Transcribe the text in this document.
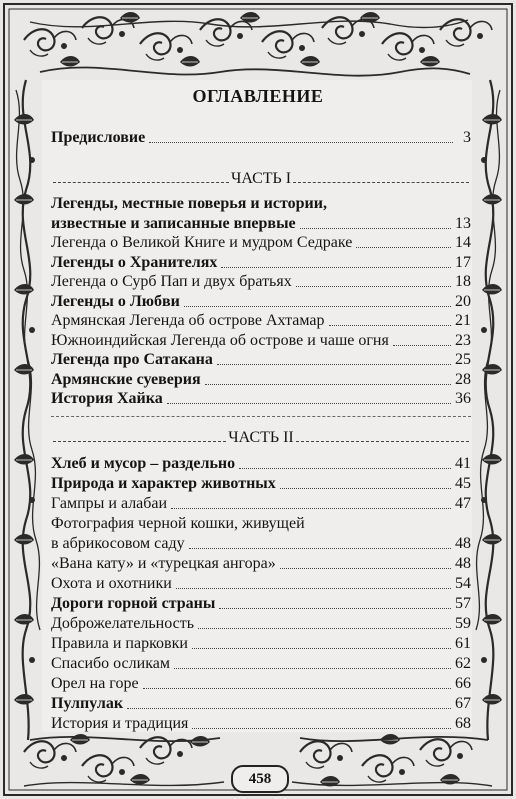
ОГЛАВЛЕНИЕ
Предисловие	3
ЧАСТЬ I
Легенды, местные поверья и истории,
известные и записанные впервые	13
Легенда о Великой Книге и мудром Седраке	14
Легенды о Хранителях	17
Легенда о Сурб Пап и двух братьях	18
Легенды о Любви	20
Армянская Легенда об острове Ахтамар	21
Южноиндийская Легенда об острове и чаше огня	23
Легенда про Сатакана	25
Армянские суеверия	28
История Хайка	36
ЧАСТЬ II
Хлеб и мусор – раздельно	41
Природа и характер животных	45
Гампры и алабаи	47
Фотография черной кошки, живущей
в абрикосовом саду	48
«Вана кату» и «турецкая ангора»	48
Охота и охотники	54
Дороги горной страны	57
Доброжелательность	59
Правила и парковки	61
Спасибо осликам	62
Орел на горе	66
Пулпулак	67
История и традиция	68
458
